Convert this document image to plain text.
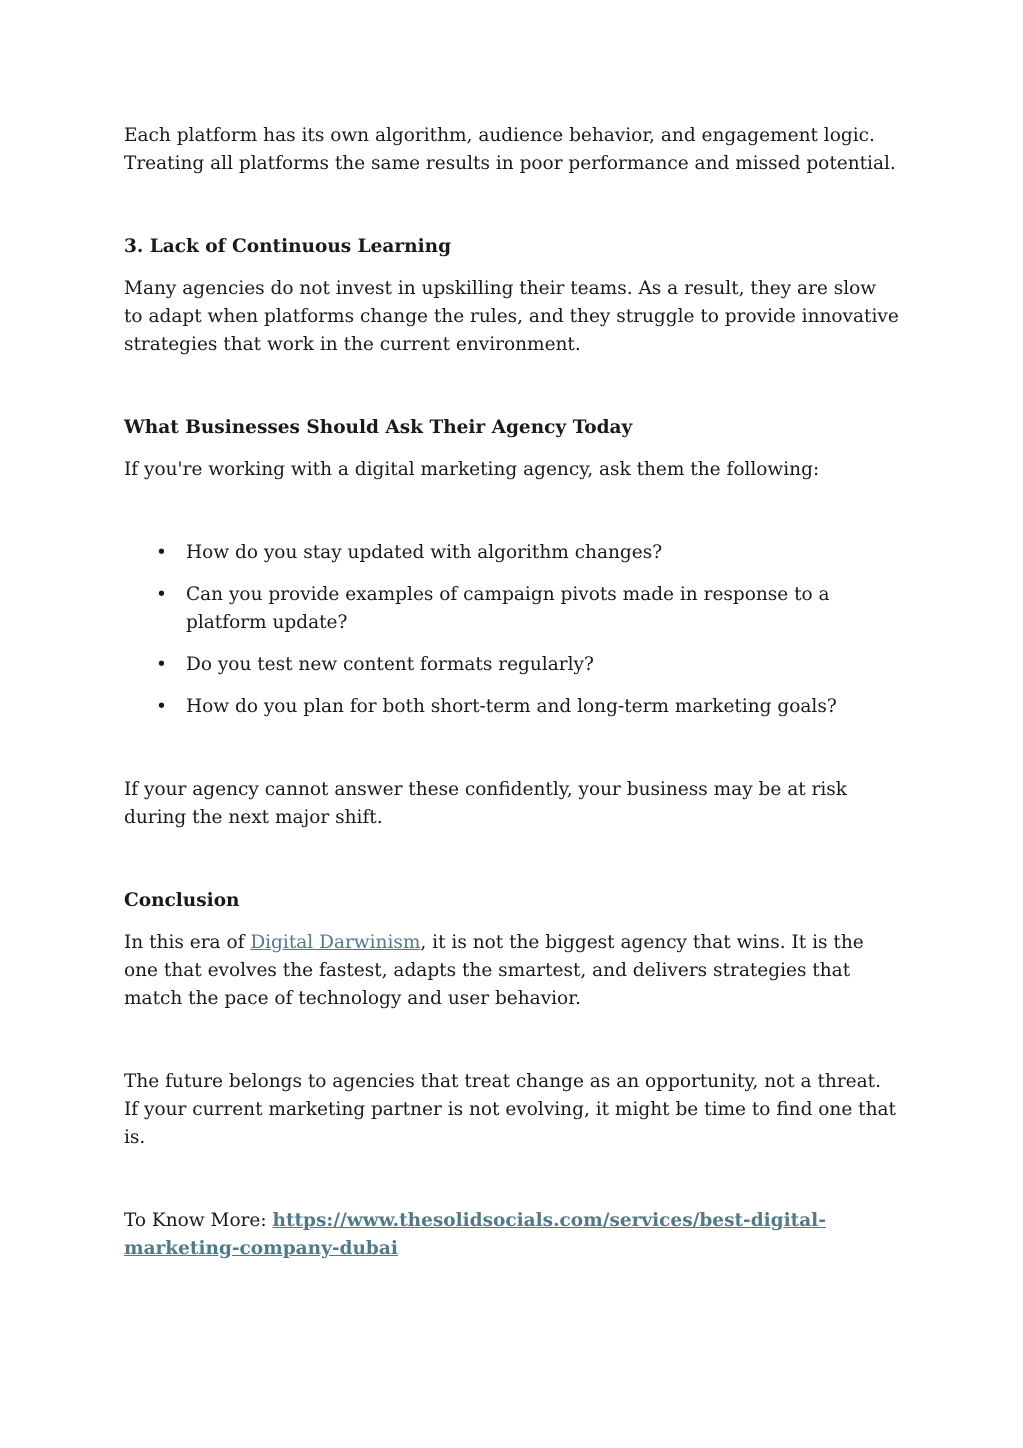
Each platform has its own algorithm, audience behavior, and engagement logic. Treating all platforms the same results in poor performance and missed potential.

3. Lack of Continuous Learning

Many agencies do not invest in upskilling their teams. As a result, they are slow to adapt when platforms change the rules, and they struggle to provide innovative strategies that work in the current environment.

What Businesses Should Ask Their Agency Today

If you're working with a digital marketing agency, ask them the following:

• How do you stay updated with algorithm changes?
• Can you provide examples of campaign pivots made in response to a platform update?
• Do you test new content formats regularly?
• How do you plan for both short-term and long-term marketing goals?

If your agency cannot answer these confidently, your business may be at risk during the next major shift.

Conclusion

In this era of Digital Darwinism, it is not the biggest agency that wins. It is the one that evolves the fastest, adapts the smartest, and delivers strategies that match the pace of technology and user behavior.

The future belongs to agencies that treat change as an opportunity, not a threat. If your current marketing partner is not evolving, it might be time to find one that is.

To Know More: https://www.thesolidsocials.com/services/best-digital-marketing-company-dubai
